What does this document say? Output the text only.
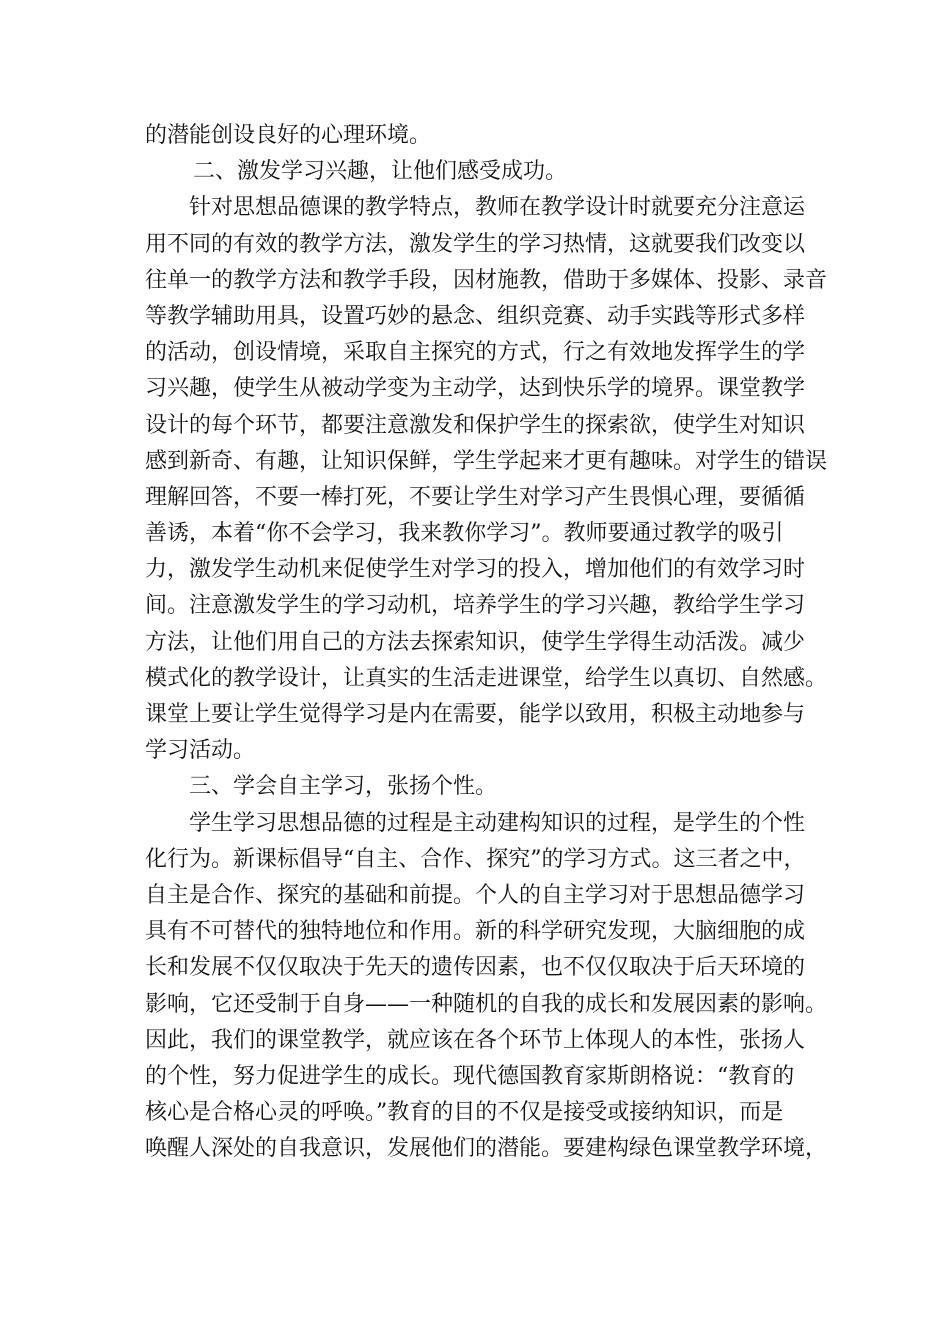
的潜能创设良好的心理环境。
二、激发学习兴趣，让他们感受成功。
针对思想品德课的教学特点，教师在教学设计时就要充分注意运
用不同的有效的教学方法，激发学生的学习热情，这就要我们改变以
往单一的教学方法和教学手段，因材施教，借助于多媒体、投影、录音
等教学辅助用具，设置巧妙的悬念、组织竞赛、动手实践等形式多样
的活动，创设情境，采取自主探究的方式，行之有效地发挥学生的学
习兴趣，使学生从被动学变为主动学，达到快乐学的境界。课堂教学
设计的每个环节，都要注意激发和保护学生的探索欲，使学生对知识
感到新奇、有趣，让知识保鲜，学生学起来才更有趣味。对学生的错误
理解回答，不要一棒打死，不要让学生对学习产生畏惧心理，要循循
善诱，本着“你不会学习，我来教你学习”。教师要通过教学的吸引
力，激发学生动机来促使学生对学习的投入，增加他们的有效学习时
间。注意激发学生的学习动机，培养学生的学习兴趣，教给学生学习
方法，让他们用自己的方法去探索知识，使学生学得生动活泼。减少
模式化的教学设计，让真实的生活走进课堂，给学生以真切、自然感。
课堂上要让学生觉得学习是内在需要，能学以致用，积极主动地参与
学习活动。
三、学会自主学习，张扬个性。
学生学习思想品德的过程是主动建构知识的过程，是学生的个性
化行为。新课标倡导“自主、合作、探究”的学习方式。这三者之中，
自主是合作、探究的基础和前提。个人的自主学习对于思想品德学习
具有不可替代的独特地位和作用。新的科学研究发现，大脑细胞的成
长和发展不仅仅取决于先天的遗传因素，也不仅仅取决于后天环境的
影响，它还受制于自身——一种随机的自我的成长和发展因素的影响。
因此，我们的课堂教学，就应该在各个环节上体现人的本性，张扬人
的个性，努力促进学生的成长。现代德国教育家斯朗格说：“教育的
核心是合格心灵的呼唤。”教育的目的不仅是接受或接纳知识，而是
唤醒人深处的自我意识，发展他们的潜能。要建构绿色课堂教学环境，
